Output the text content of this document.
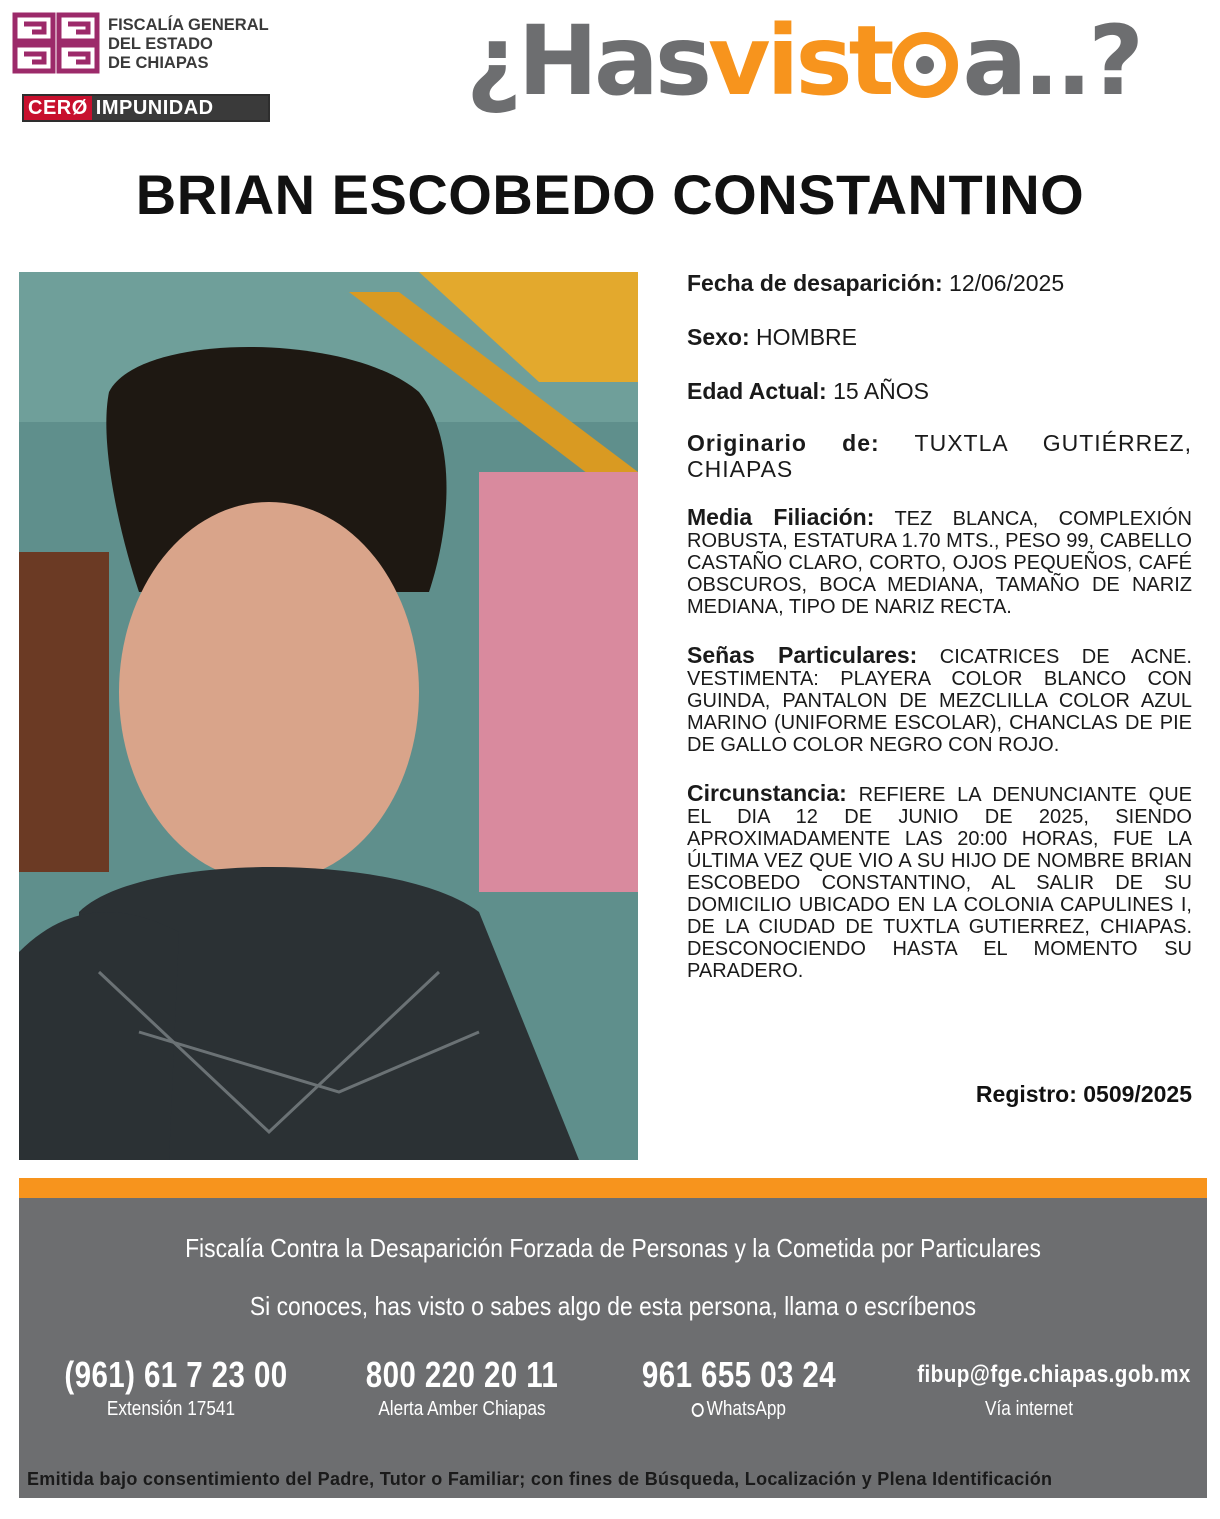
FISCALÍA GENERAL
DEL ESTADO
DE CHIAPAS
CERØ IMPUNIDAD	¿Hasvist a..?
BRIAN ESCOBEDO CONSTANTINO
Fecha de desaparición: 12/06/2025
Sexo: HOMBRE
Edad Actual: 15 AÑOS
Originario de: TUXTLA GUTIÉRREZ, CHIAPAS
Media Filiación: TEZ BLANCA, COMPLEXIÓN ROBUSTA, ESTATURA 1.70 MTS., PESO 99, CABELLO CASTAÑO CLARO, CORTO, OJOS PEQUEÑOS, CAFÉ OBSCUROS, BOCA MEDIANA, TAMAÑO DE NARIZ MEDIANA, TIPO DE NARIZ RECTA.
Señas Particulares: CICATRICES DE ACNE. VESTIMENTA: PLAYERA COLOR BLANCO CON GUINDA, PANTALON DE MEZCLILLA COLOR AZUL MARINO (UNIFORME ESCOLAR), CHANCLAS DE PIE DE GALLO COLOR NEGRO CON ROJO.
Circunstancia: REFIERE LA DENUNCIANTE QUE EL DIA 12 DE JUNIO DE 2025, SIENDO APROXIMADAMENTE LAS 20:00 HORAS, FUE LA ÚLTIMA VEZ QUE VIO A SU HIJO DE NOMBRE BRIAN ESCOBEDO CONSTANTINO, AL SALIR DE SU DOMICILIO UBICADO EN LA COLONIA CAPULINES I, DE LA CIUDAD DE TUXTLA GUTIERREZ, CHIAPAS. DESCONOCIENDO HASTA EL MOMENTO SU PARADERO.
Registro: 0509/2025
Fiscalía Contra la Desaparición Forzada de Personas y la Cometida por Particulares
Si conoces, has visto o sabes algo de esta persona, llama o escríbenos
(961) 61 7 23 00
Extensión 17541
800 220 20 11
Alerta Amber Chiapas
961 655 03 24
WhatsApp
fibup@fge.chiapas.gob.mx
Vía internet
Emitida bajo consentimiento del Padre, Tutor o Familiar; con fines de Búsqueda, Localización y Plena Identificación
